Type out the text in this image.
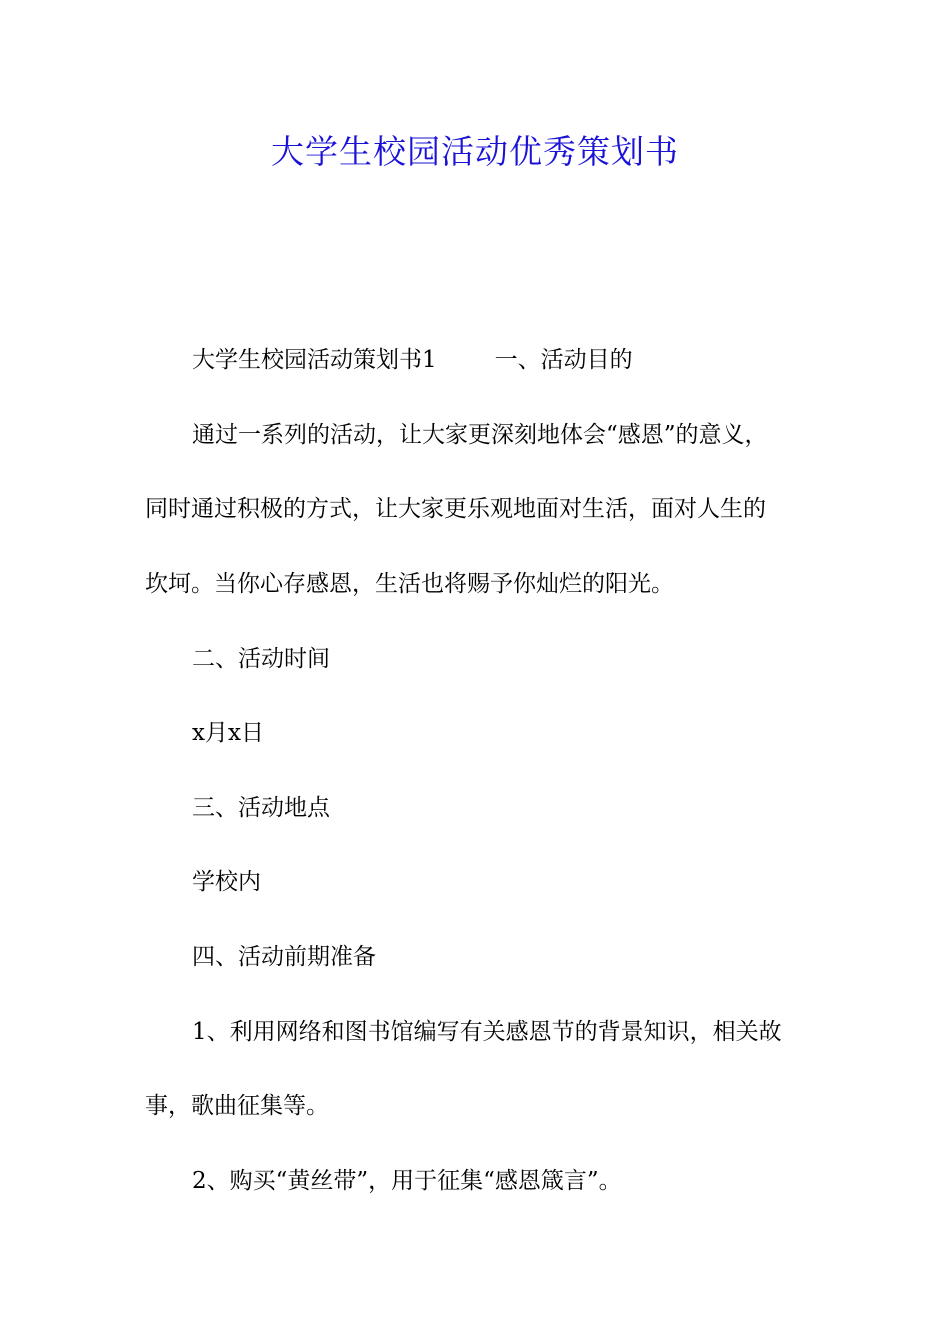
大学生校园活动优秀策划书
大学生校园活动策划书1	一、活动目的
通过一系列的活动，让大家更深刻地体会“感恩”的意义，
同时通过积极的方式，让大家更乐观地面对生活，面对人生的
坎坷。当你心存感恩，生活也将赐予你灿烂的阳光。
二、活动时间
x月x日
三、活动地点
学校内
四、活动前期准备
1、利用网络和图书馆编写有关感恩节的背景知识，相关故
事，歌曲征集等。
2、购买“黄丝带”，用于征集“感恩箴言”。
